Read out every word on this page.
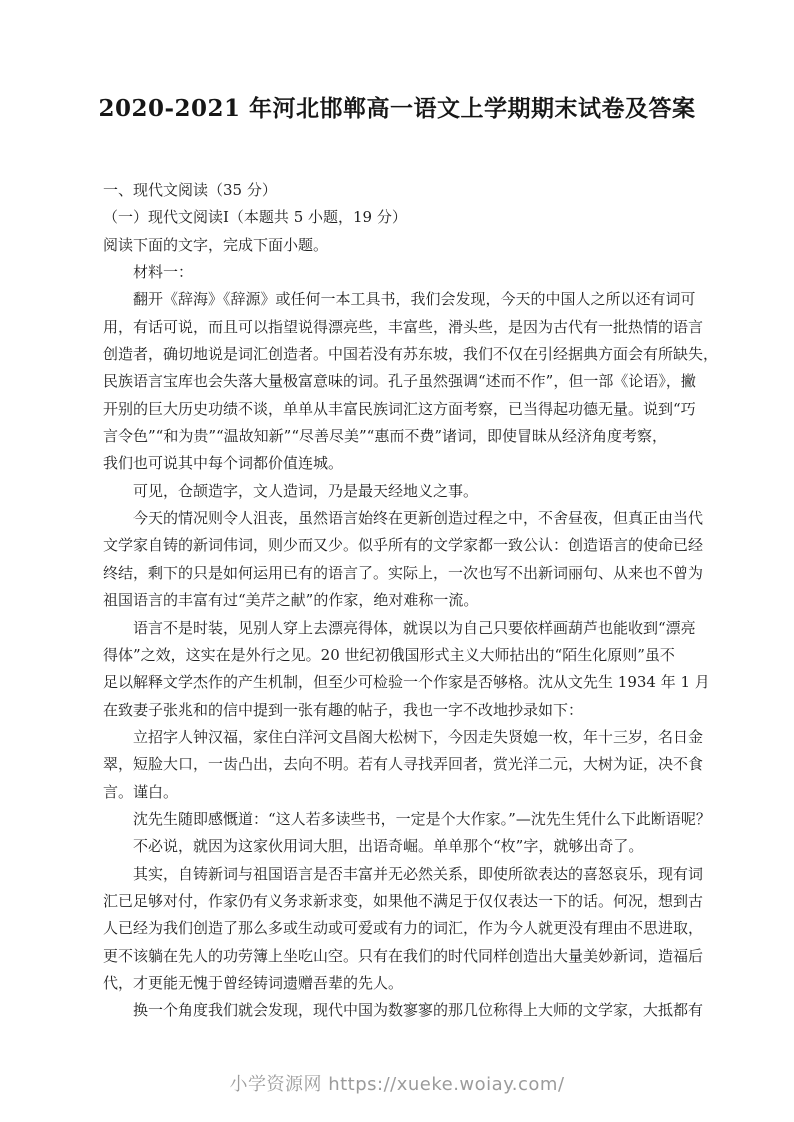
2020-2021 年河北邯郸高一语文上学期期末试卷及答案
一、现代文阅读（35 分）
（一）现代文阅读Ⅰ（本题共 5 小题，19 分）
阅读下面的文字，完成下面小题。
材料一：
翻开《辞海》《辞源》或任何一本工具书，我们会发现，今天的中国人之所以还有词可
用，有话可说，而且可以指望说得漂亮些，丰富些，滑头些，是因为古代有一批热情的语言
创造者，确切地说是词汇创造者。中国若没有苏东坡，我们不仅在引经据典方面会有所缺失，
民族语言宝库也会失落大量极富意味的词。孔子虽然强调“述而不作”，但一部《论语》，撇
开别的巨大历史功绩不谈，单单从丰富民族词汇这方面考察，已当得起功德无量。说到“巧
言令色”“和为贵”“温故知新”“尽善尽美”“惠而不费”诸词，即使冒昧从经济角度考察，
我们也可说其中每个词都价值连城。
可见，仓颉造字，文人造词，乃是最天经地义之事。
今天的情况则令人沮丧，虽然语言始终在更新创造过程之中，不舍昼夜，但真正由当代
文学家自铸的新词伟词，则少而又少。似乎所有的文学家都一致公认：创造语言的使命已经
终结，剩下的只是如何运用已有的语言了。实际上，一次也写不出新词丽句、从来也不曾为
祖国语言的丰富有过“美芹之献”的作家，绝对难称一流。
语言不是时装，见别人穿上去漂亮得体，就误以为自己只要依样画葫芦也能收到“漂亮
得体”之效，这实在是外行之见。20 世纪初俄国形式主义大师拈出的“陌生化原则”虽不
足以解释文学杰作的产生机制，但至少可检验一个作家是否够格。沈从文先生 1934 年 1 月
在致妻子张兆和的信中提到一张有趣的帖子，我也一字不改地抄录如下：
立招字人钟汉福，家住白洋河文昌阁大松树下，今因走失贤媳一枚，年十三岁，名日金
翠，短脸大口，一齿凸出，去向不明。若有人寻找弄回者，赏光洋二元，大树为证，决不食
言。谨白。
沈先生随即感慨道：“这人若多读些书，一定是个大作家。”—沈先生凭什么下此断语呢？
不必说，就因为这家伙用词大胆，出语奇崛。单单那个“枚”字，就够出奇了。
其实，自铸新词与祖国语言是否丰富并无必然关系，即使所欲表达的喜怒哀乐，现有词
汇已足够对付，作家仍有义务求新求变，如果他不满足于仅仅表达一下的话。何况，想到古
人已经为我们创造了那么多或生动或可爱或有力的词汇，作为今人就更没有理由不思进取，
更不该躺在先人的功劳簿上坐吃山空。只有在我们的时代同样创造出大量美妙新词，造福后
代，才更能无愧于曾经铸词遗赠吾辈的先人。
换一个角度我们就会发现，现代中国为数寥寥的那几位称得上大师的文学家，大抵都有
小学资源网 https://xueke.woiay.com/
